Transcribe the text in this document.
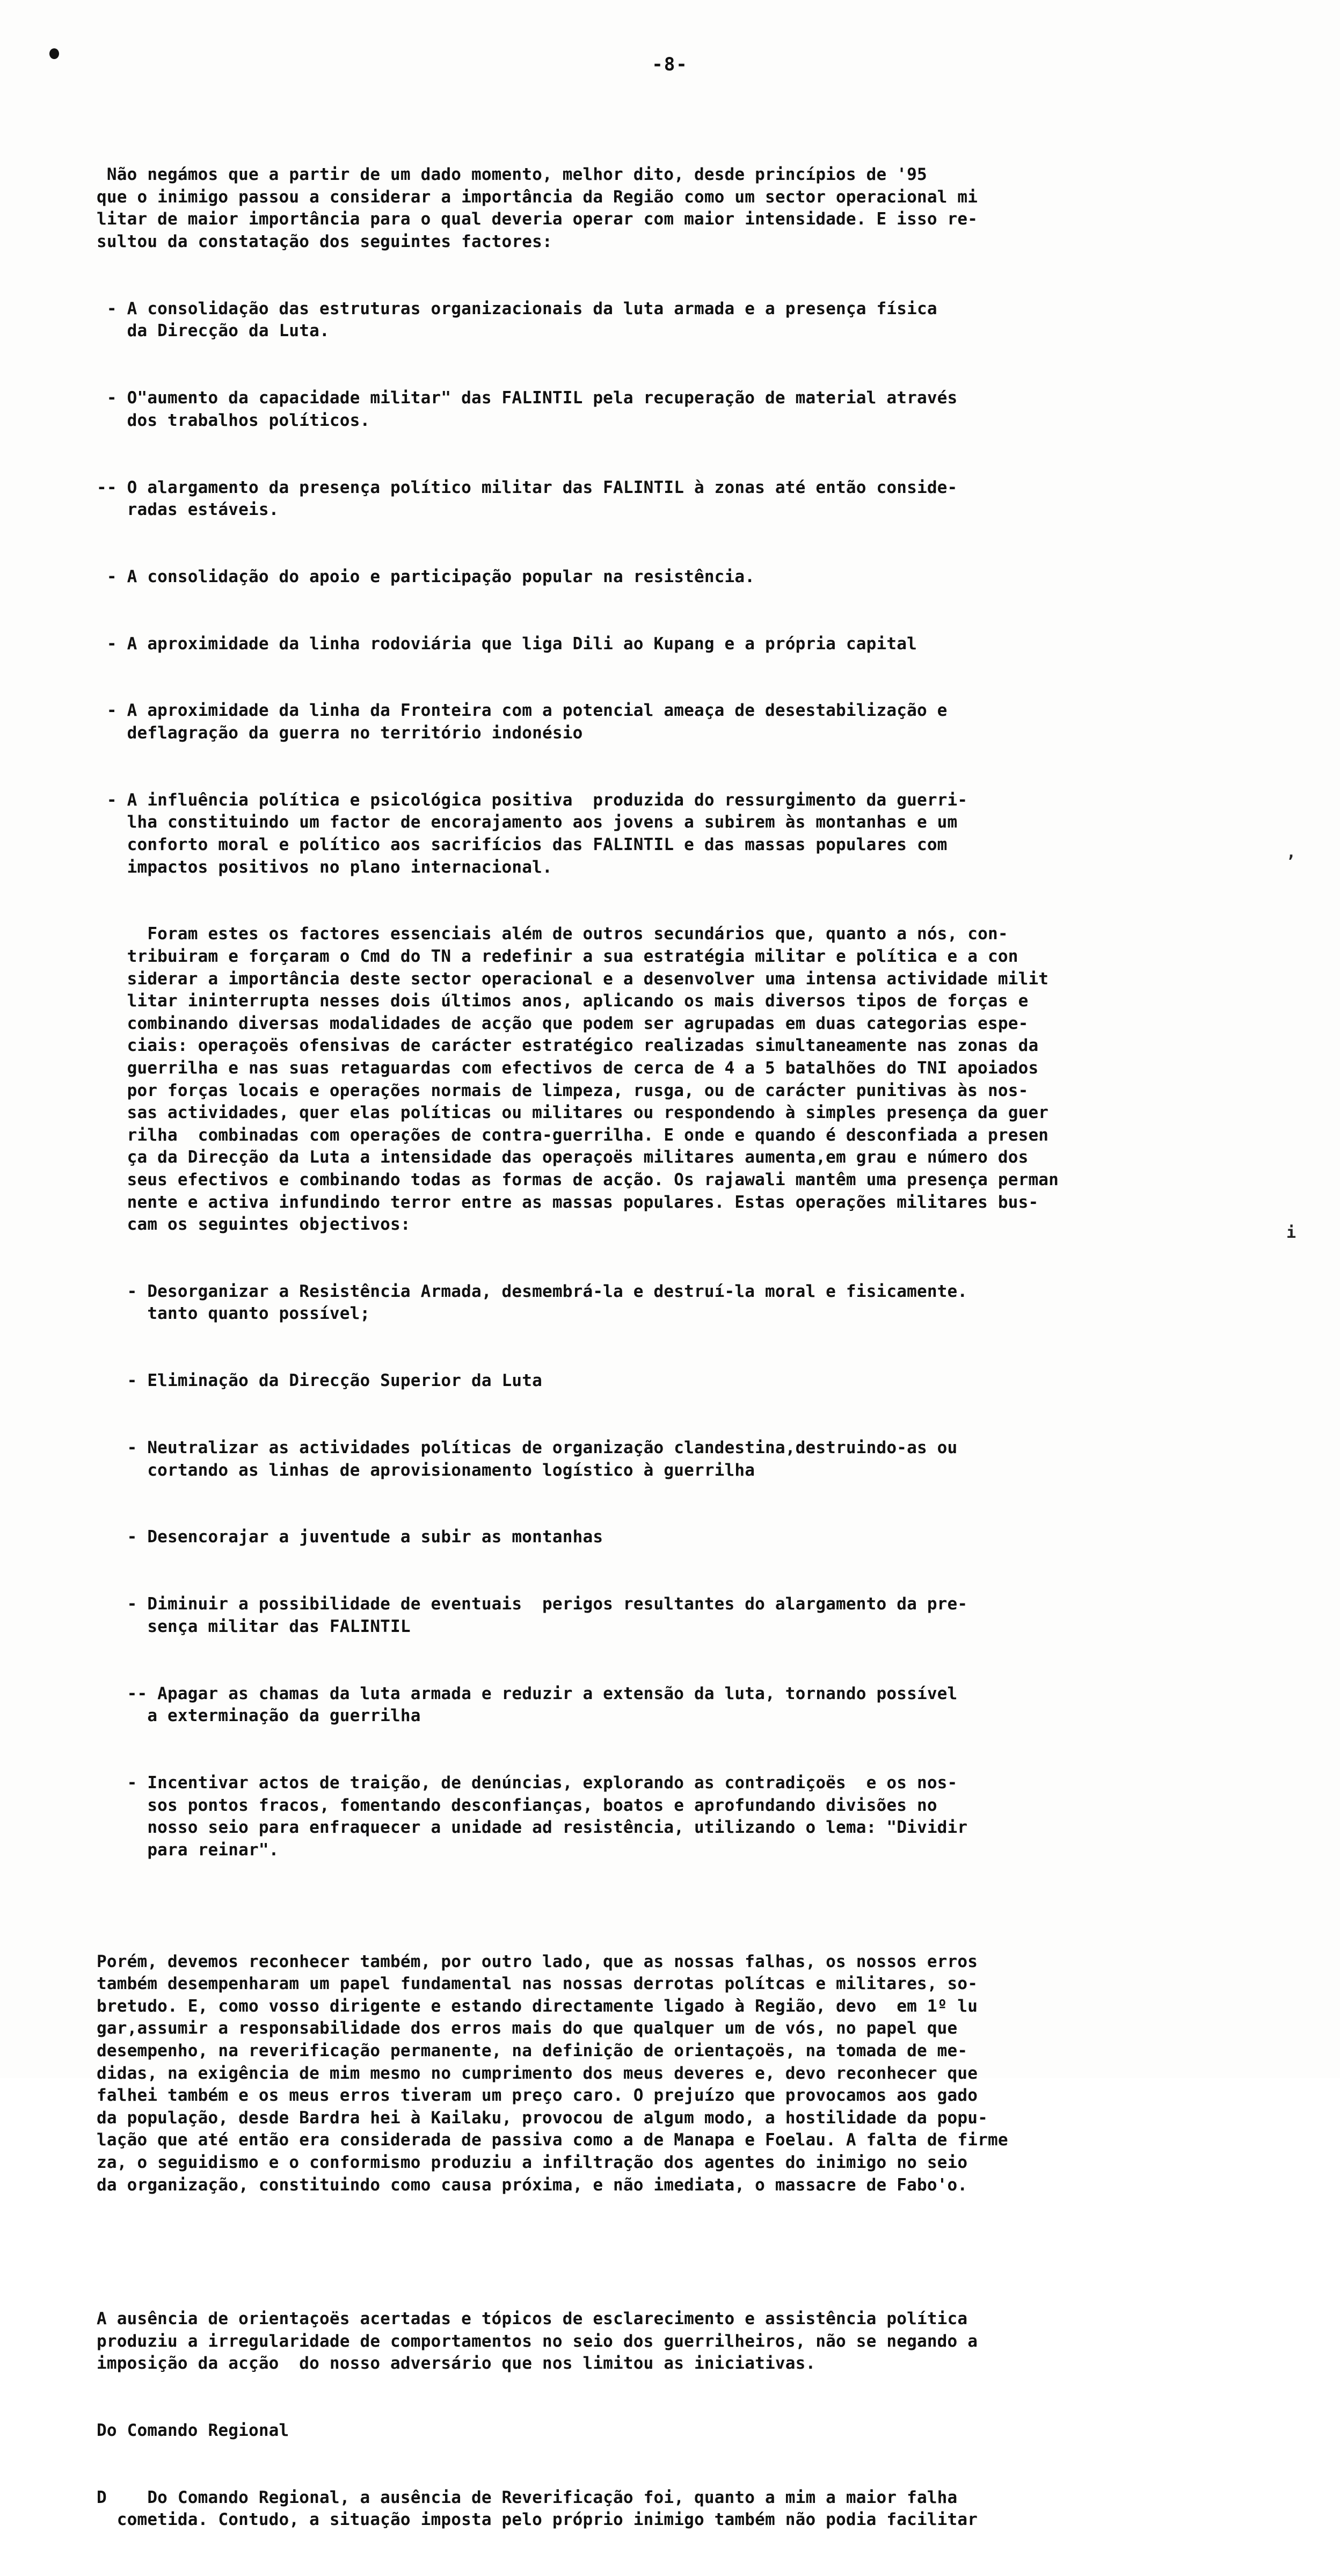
-8-

Não negámos que a partir de um dado momento, melhor dito, desde princípios de '95
que o inimigo passou a considerar a importância da Região como um sector operacional mi
litar de maior importância para o qual deveria operar com maior intensidade. E isso re-
sultou da constatação dos seguintes factores:

- A consolidação das estruturas organizacionais da luta armada e a presença física
da Direcção da Luta.

- O"aumento da capacidade militar" das FALINTIL pela recuperação de material através
dos trabalhos políticos.

-- O alargamento da presença político militar das FALINTIL à zonas até então conside-
radas estáveis.

- A consolidação do apoio e participação popular na resistência.

- A aproximidade da linha rodoviária que liga Dili ao Kupang e a própria capital

- A aproximidade da linha da Fronteira com a potencial ameaça de desestabilização e
deflagração da guerra no território indonésio

- A influência política e psicológica positiva  produzida do ressurgimento da guerri-
lha constituindo um factor de encorajamento aos jovens a subirem às montanhas e um
conforto moral e político aos sacrifícios das FALINTIL e das massas populares com
impactos positivos no plano internacional.

Foram estes os factores essenciais além de outros secundários que, quanto a nós, con-
tribuiram e forçaram o Cmd do TN a redefinir a sua estratégia militar e política e a con
siderar a importância deste sector operacional e a desenvolver uma intensa actividade milit
litar ininterrupta nesses dois últimos anos, aplicando os mais diversos tipos de forças e
combinando diversas modalidades de acção que podem ser agrupadas em duas categorias espe-
ciais: operaçoës ofensivas de carácter estratégico realizadas simultaneamente nas zonas da
guerrilha e nas suas retaguardas com efectivos de cerca de 4 a 5 batalhões do TNI apoiados
por forças locais e operações normais de limpeza, rusga, ou de carácter punitivas às nos-
sas actividades, quer elas políticas ou militares ou respondendo à simples presença da guer
rilha  combinadas com operações de contra-guerrilha. E onde e quando é desconfiada a presen
ça da Direcção da Luta a intensidade das operaçoës militares aumenta,em grau e número dos
seus efectivos e combinando todas as formas de acção. Os rajawali mantêm uma presença perman
nente e activa infundindo terror entre as massas populares. Estas operações militares bus-
cam os seguintes objectivos:

- Desorganizar a Resistência Armada, desmembrá-la e destruí-la moral e fisicamente.
tanto quanto possível;

- Eliminação da Direcção Superior da Luta

- Neutralizar as actividades políticas de organização clandestina,destruindo-as ou
cortando as linhas de aprovisionamento logístico à guerrilha

- Desencorajar a juventude a subir as montanhas

- Diminuir a possibilidade de eventuais  perigos resultantes do alargamento da pre-
sença militar das FALINTIL

-- Apagar as chamas da luta armada e reduzir a extensão da luta, tornando possível
a exterminação da guerrilha

- Incentivar actos de traição, de denúncias, explorando as contradiçoës  e os nos-
sos pontos fracos, fomentando desconfianças, boatos e aprofundando divisões no
nosso seio para enfraquecer a unidade ad resistência, utilizando o lema: "Dividir
para reinar".

Porém, devemos reconhecer também, por outro lado, que as nossas falhas, os nossos erros
também desempenharam um papel fundamental nas nossas derrotas polítcas e militares, so-
bretudo. E, como vosso dirigente e estando directamente ligado à Região, devo  em 1º lu
gar,assumir a responsabilidade dos erros mais do que qualquer um de vós, no papel que
desempenho, na reverificação permanente, na definição de orientaçoës, na tomada de me-
didas, na exigência de mim mesmo no cumprimento dos meus deveres e, devo reconhecer que
falhei também e os meus erros tiveram um preço caro. O prejuízo que provocamos aos gado
da população, desde Bardra hei à Kailaku, provocou de algum modo, a hostilidade da popu-
lação que até então era considerada de passiva como a de Manapa e Foelau. A falta de firme
za, o seguidismo e o conformismo produziu a infiltração dos agentes do inimigo no seio
da organização, constituindo como causa próxima, e não imediata, o massacre de Fabo'o.

A ausência de orientaçoës acertadas e tópicos de esclarecimento e assistência política
produziu a irregularidade de comportamentos no seio dos guerrilheiros, não se negando a
imposição da acção  do nosso adversário que nos limitou as iniciativas.

Do Comando Regional

D    Do Comando Regional, a ausência de Reverificação foi, quanto a mim a maior falha
cometida. Contudo, a situação imposta pelo próprio inimigo também não podia facilitar

,
i
